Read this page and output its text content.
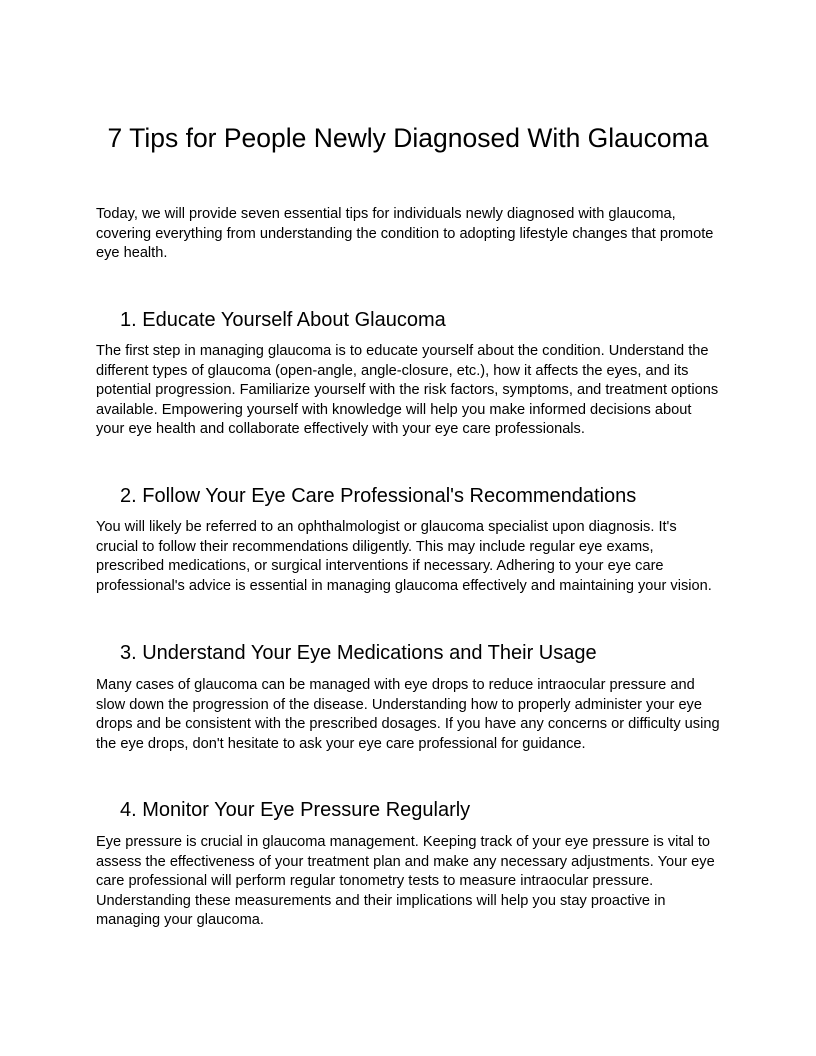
7 Tips for People Newly Diagnosed With Glaucoma

Today, we will provide seven essential tips for individuals newly diagnosed with glaucoma, covering everything from understanding the condition to adopting lifestyle changes that promote eye health.

1. Educate Yourself About Glaucoma

The first step in managing glaucoma is to educate yourself about the condition. Understand the different types of glaucoma (open-angle, angle-closure, etc.), how it affects the eyes, and its potential progression. Familiarize yourself with the risk factors, symptoms, and treatment options available. Empowering yourself with knowledge will help you make informed decisions about your eye health and collaborate effectively with your eye care professionals.

2. Follow Your Eye Care Professional's Recommendations

You will likely be referred to an ophthalmologist or glaucoma specialist upon diagnosis. It's crucial to follow their recommendations diligently. This may include regular eye exams, prescribed medications, or surgical interventions if necessary. Adhering to your eye care professional's advice is essential in managing glaucoma effectively and maintaining your vision.

3. Understand Your Eye Medications and Their Usage

Many cases of glaucoma can be managed with eye drops to reduce intraocular pressure and slow down the progression of the disease. Understanding how to properly administer your eye drops and be consistent with the prescribed dosages. If you have any concerns or difficulty using the eye drops, don't hesitate to ask your eye care professional for guidance.

4. Monitor Your Eye Pressure Regularly

Eye pressure is crucial in glaucoma management. Keeping track of your eye pressure is vital to assess the effectiveness of your treatment plan and make any necessary adjustments. Your eye care professional will perform regular tonometry tests to measure intraocular pressure. Understanding these measurements and their implications will help you stay proactive in managing your glaucoma.
